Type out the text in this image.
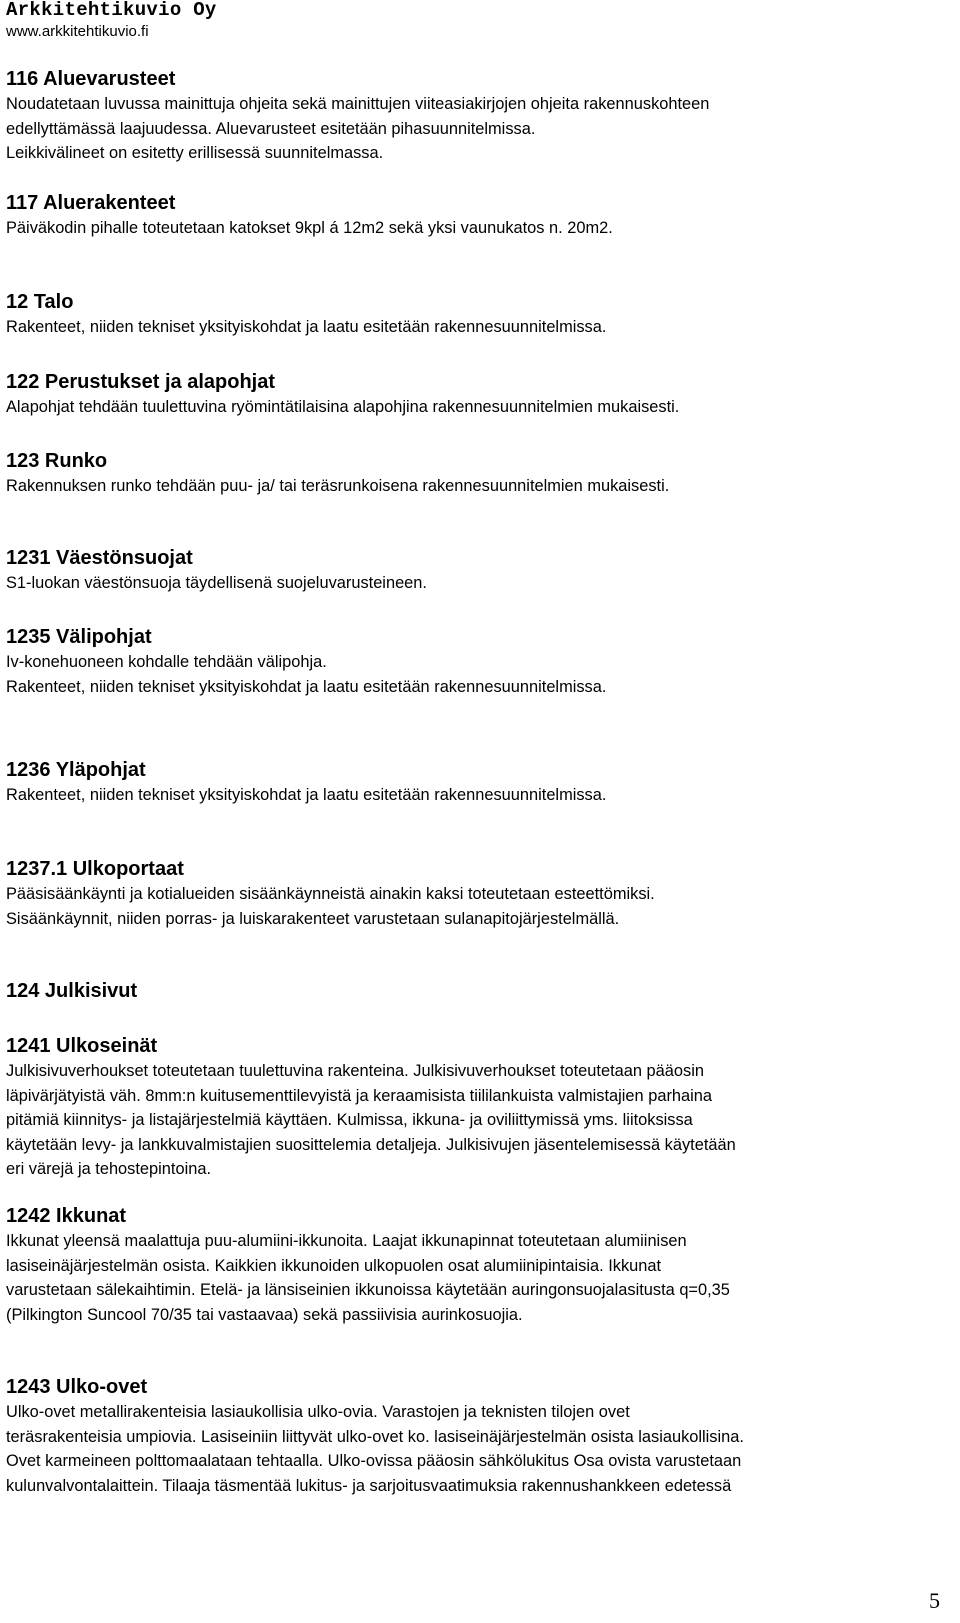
Arkkitehtikuvio Oy
www.arkkitehtikuvio.fi

116 Aluevarusteet

Noudatetaan luvussa mainittuja ohjeita sekä mainittujen viiteasiakirjojen ohjeita rakennuskohteen

edellyttämässä laajuudessa. Aluevarusteet esitetään pihasuunnitelmissa.

Leikkivälineet on esitetty erillisessä suunnitelmassa.

117 Aluerakenteet

Päiväkodin pihalle toteutetaan katokset 9kpl á 12m2 sekä yksi vaunukatos n. 20m2.

12 Talo

Rakenteet, niiden tekniset yksityiskohdat ja laatu esitetään rakennesuunnitelmissa.

122 Perustukset ja alapohjat

Alapohjat tehdään tuulettuvina ryömintätilaisina alapohjina rakennesuunnitelmien mukaisesti.

123 Runko

Rakennuksen runko tehdään puu- ja/ tai teräsrunkoisena rakennesuunnitelmien mukaisesti.

1231 Väestönsuojat

S1-luokan väestönsuoja täydellisenä suojeluvarusteineen.

1235 Välipohjat

Iv-konehuoneen kohdalle tehdään välipohja.

Rakenteet, niiden tekniset yksityiskohdat ja laatu esitetään rakennesuunnitelmissa.

1236 Yläpohjat

Rakenteet, niiden tekniset yksityiskohdat ja laatu esitetään rakennesuunnitelmissa.

1237.1 Ulkoportaat

Pääsisäänkäynti ja kotialueiden sisäänkäynneistä ainakin kaksi toteutetaan esteettömiksi.

Sisäänkäynnit, niiden porras- ja luiskarakenteet varustetaan sulanapitojärjestelmällä.

124 Julkisivut

1241 Ulkoseinät

Julkisivuverhoukset toteutetaan tuulettuvina rakenteina. Julkisivuverhoukset toteutetaan pääosin

läpivärjätyistä väh. 8mm:n kuitusementtilevyistä ja keraamisista tiililankuista valmistajien parhaina

pitämiä kiinnitys- ja listajärjestelmiä käyttäen. Kulmissa, ikkuna- ja oviliittymissä yms. liitoksissa

käytetään levy- ja lankkuvalmistajien suosittelemia detaljeja. Julkisivujen jäsentelemisessä käytetään

eri värejä ja tehostepintoina.

1242 Ikkunat

Ikkunat yleensä maalattuja puu-alumiini-ikkunoita. Laajat ikkunapinnat toteutetaan alumiinisen

lasiseinäjärjestelmän osista. Kaikkien ikkunoiden ulkopuolen osat alumiinipintaisia. Ikkunat

varustetaan sälekaihtimin. Etelä- ja länsiseinien ikkunoissa käytetään auringonsuojalasitusta q=0,35

(Pilkington Suncool 70/35 tai vastaavaa) sekä passiivisia aurinkosuojia.

1243 Ulko-ovet

Ulko-ovet metallirakenteisia lasiaukollisia ulko-ovia. Varastojen ja teknisten tilojen ovet

teräsrakenteisia umpiovia. Lasiseiniin liittyvät ulko-ovet ko. lasiseinäjärjestelmän osista lasiaukollisina.

Ovet karmeineen polttomaalataan tehtaalla. Ulko-ovissa pääosin sähkölukitus Osa ovista varustetaan

kulunvalvontalaittein. Tilaaja täsmentää lukitus- ja sarjoitusvaatimuksia rakennushankkeen edetessä

5
